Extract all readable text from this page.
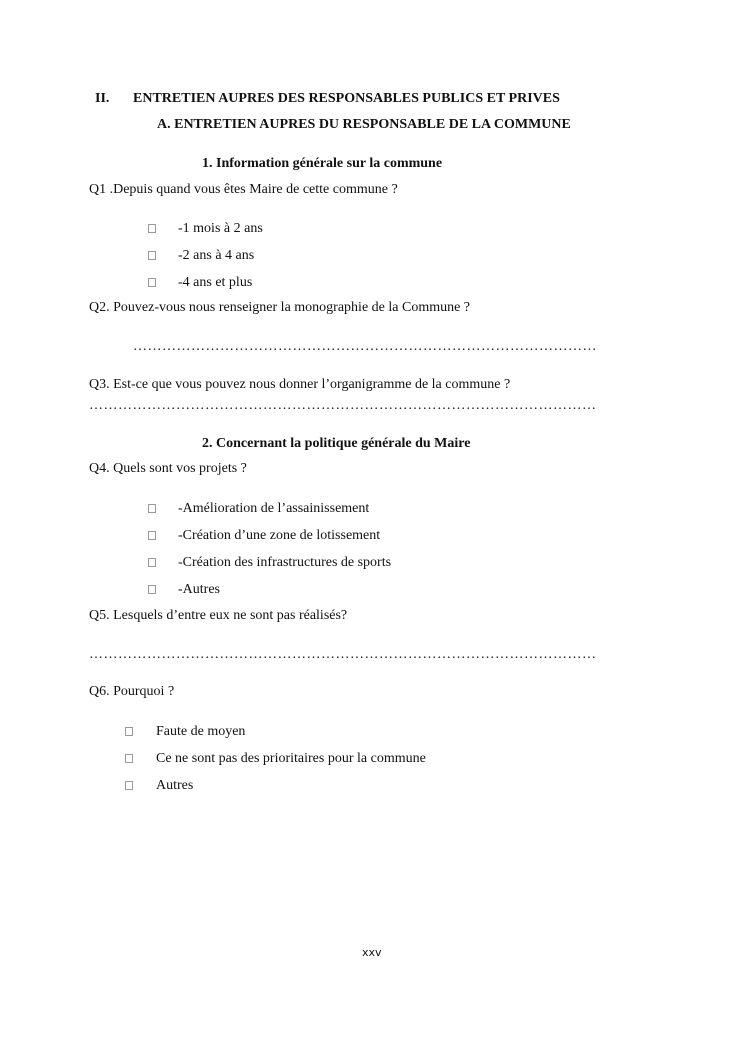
II. ENTRETIEN AUPRES DES RESPONSABLES PUBLICS ET PRIVES
A. ENTRETIEN AUPRES DU RESPONSABLE DE LA COMMUNE
1. Information générale sur la commune
Q1 .Depuis quand vous êtes Maire de cette commune ?
-1 mois à 2 ans
-2 ans à 4 ans
-4 ans et plus
Q2. Pouvez-vous nous renseigner la monographie de la Commune ?
……………………………………………………………………………………
Q3. Est-ce que vous pouvez nous donner l’organigramme de la commune ?
……………………………………………………………………………………………
2. Concernant la politique générale du Maire
Q4. Quels sont vos projets ?
-Amélioration de l’assainissement
-Création d’une zone de lotissement
-Création des infrastructures de sports
-Autres
Q5. Lesquels d’entre eux ne sont pas réalisés?
……………………………………………………………………………………………
Q6. Pourquoi ?
Faute de moyen
Ce ne sont pas des prioritaires pour la commune
Autres
xxv
